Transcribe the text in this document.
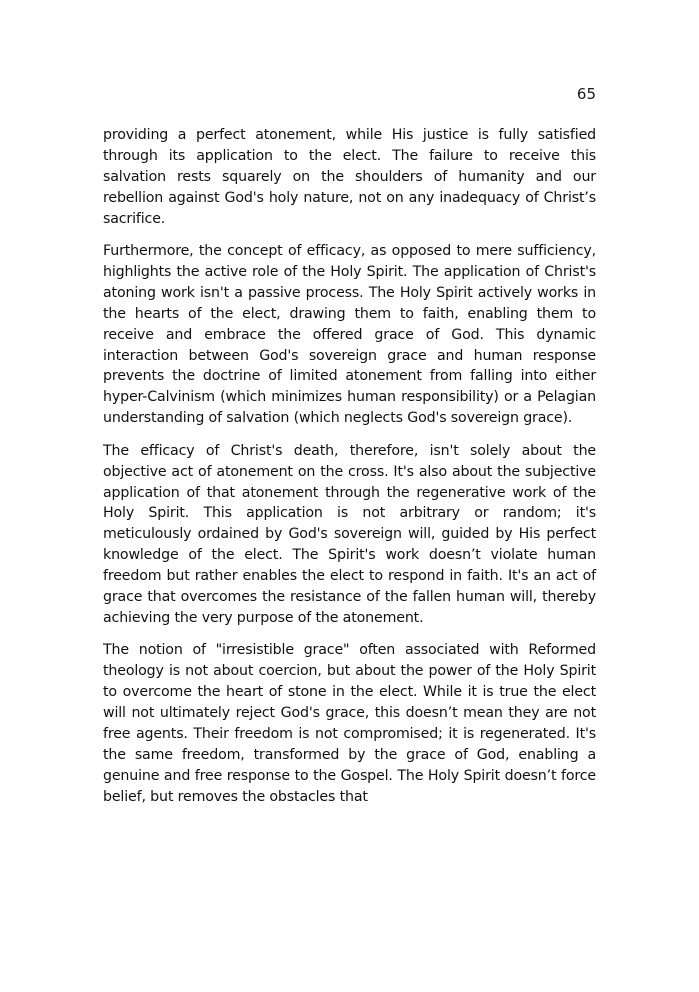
65

providing a perfect atonement, while His justice is fully satisfied through its application to the elect. The failure to receive this salvation rests squarely on the shoulders of humanity and our rebellion against God's holy nature, not on any inadequacy of Christ’s sacrifice.

Furthermore, the concept of efficacy, as opposed to mere sufficiency, highlights the active role of the Holy Spirit. The application of Christ's atoning work isn't a passive process. The Holy Spirit actively works in the hearts of the elect, drawing them to faith, enabling them to receive and embrace the offered grace of God. This dynamic interaction between God's sovereign grace and human response prevents the doctrine of limited atonement from falling into either hyper-Calvinism (which minimizes human responsibility) or a Pelagian understanding of salvation (which neglects God's sovereign grace).

The efficacy of Christ's death, therefore, isn't solely about the objective act of atonement on the cross. It's also about the subjective application of that atonement through the regenerative work of the Holy Spirit. This application is not arbitrary or random; it's meticulously ordained by God's sovereign will, guided by His perfect knowledge of the elect. The Spirit's work doesn’t violate human freedom but rather enables the elect to respond in faith. It's an act of grace that overcomes the resistance of the fallen human will, thereby achieving the very purpose of the atonement.

The notion of "irresistible grace" often associated with Reformed theology is not about coercion, but about the power of the Holy Spirit to overcome the heart of stone in the elect. While it is true the elect will not ultimately reject God's grace, this doesn’t mean they are not free agents. Their freedom is not compromised; it is regenerated. It's the same freedom, transformed by the grace of God, enabling a genuine and free response to the Gospel. The Holy Spirit doesn’t force belief, but removes the obstacles that
